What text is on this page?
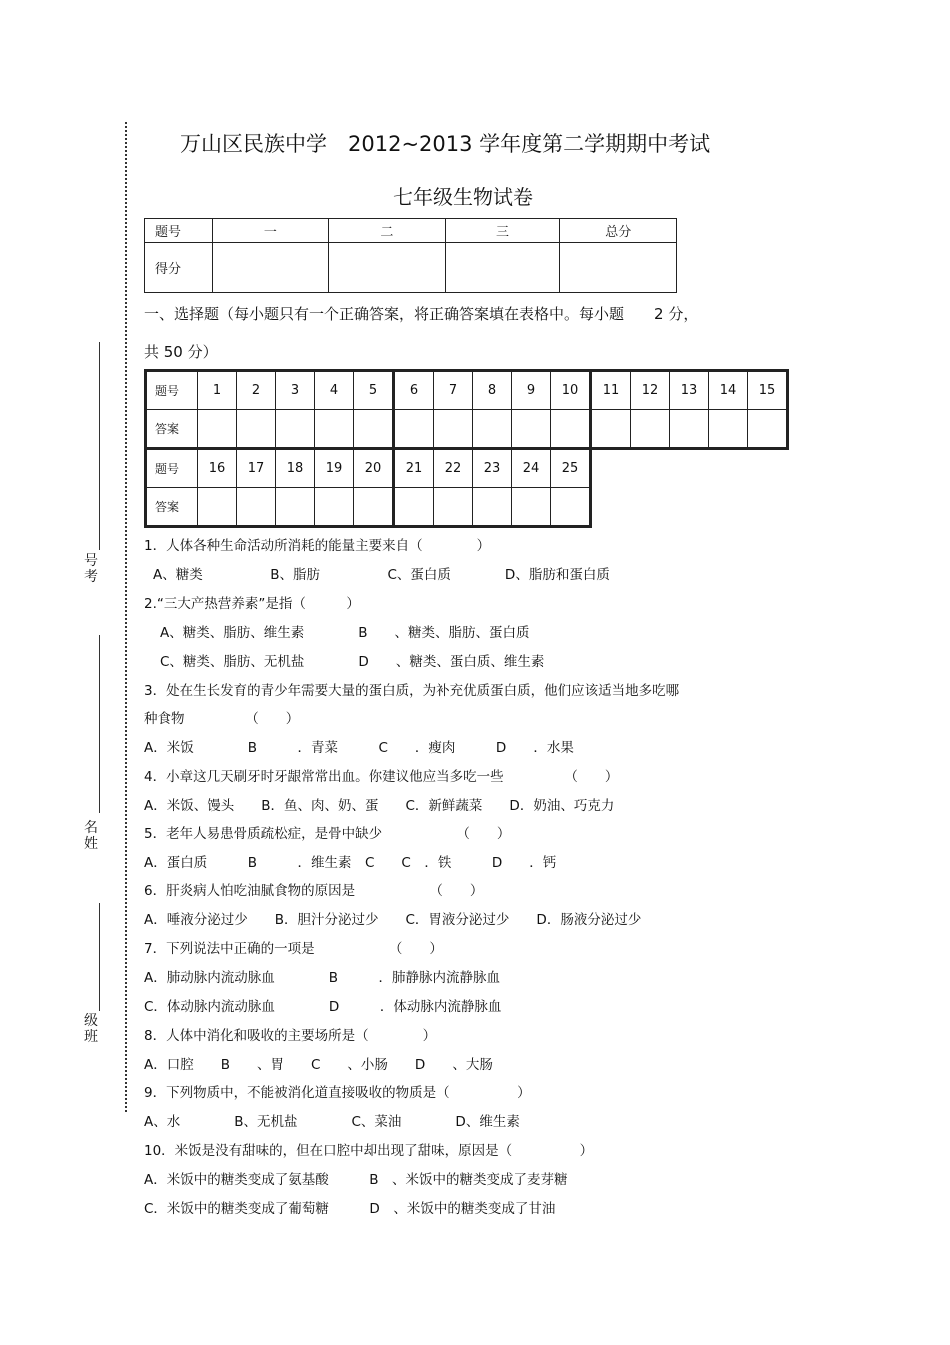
号
考
名
姓
级
班
万山区民族中学　2012~2013 学年度第二学期期中考试
七年级生物试卷
题号	一	二	三	总分
得分				
一、选择题（每小题只有一个正确答案，将正确答案填在表格中。每小题　　2 分，
共 50 分）
题号	1	2	3	4	5	6	7	8	9	10	11	12	13	14	15
答案															
题号	16	17	18	19	20	21	22	23	24	25
答案										
1．人体各种生命活动所消耗的能量主要来自（　　　　）
A、糖类　　　　　B、脂肪　　　　　C、蛋白质　　　　D、脂肪和蛋白质
2.“三大产热营养素”是指（　　　）
A、糖类、脂肪、维生素　　　　B　　、糖类、脂肪、蛋白质
C、糖类、脂肪、无机盐　　　　D　　、糖类、蛋白质、维生素
3．处在生长发育的青少年需要大量的蛋白质，为补充优质蛋白质，他们应该适当地多吃哪
种食物　　　　　（　　）
A．米饭　　　　B　　　．青菜　　　C　　．瘦肉　　　D　　．水果
4．小章这几天刷牙时牙龈常常出血。你建议他应当多吃一些　　　　　（　　）
A．米饭、馒头　　B．鱼、肉、奶、蛋　　C．新鲜蔬菜　　D．奶油、巧克力
5．老年人易患骨质疏松症，是骨中缺少　　　　　　（　　）
A．蛋白质　　　B　　　．维生素　C　　C　．铁　　　D　　．钙
6．肝炎病人怕吃油腻食物的原因是　　　　　　（　　）
A．唾液分泌过少　　B．胆汁分泌过少　　C．胃液分泌过少　　D．肠液分泌过少
7．下列说法中正确的一项是　　　　　　（　　）
A．肺动脉内流动脉血　　　　B　　　．肺静脉内流静脉血
C．体动脉内流动脉血　　　　D　　　．体动脉内流静脉血
8．人体中消化和吸收的主要场所是（　　　　）
A．口腔　　B　　、胃　　C　　、小肠　　D　　、大肠
9．下列物质中，不能被消化道直接吸收的物质是（　　　　　）
A、水　　　　B、无机盐　　　　C、菜油　　　　D、维生素
10．米饭是没有甜味的，但在口腔中却出现了甜味，原因是（　　　　　）
A．米饭中的糖类变成了氨基酸　　　B　、米饭中的糖类变成了麦芽糖
C．米饭中的糖类变成了葡萄糖　　　D　、米饭中的糖类变成了甘油
